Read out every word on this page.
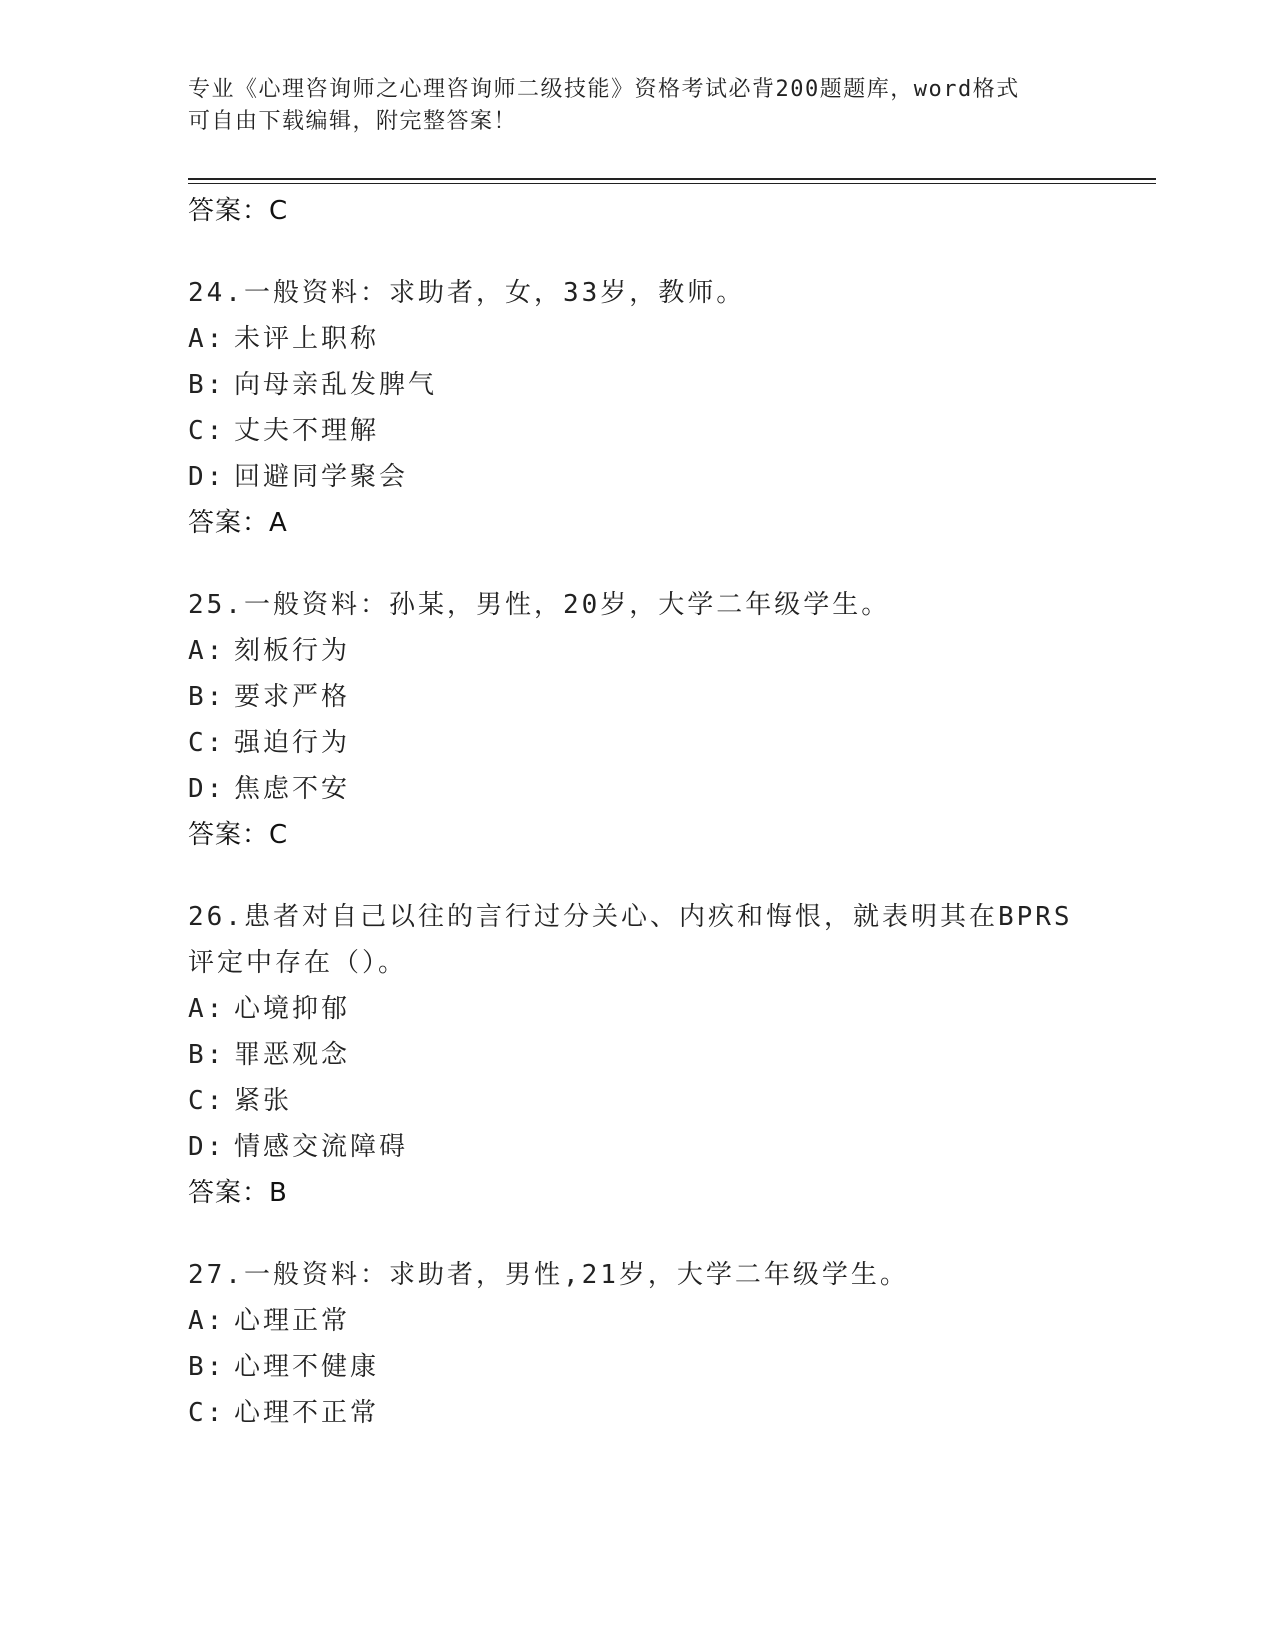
专业《心理咨询师之心理咨询师二级技能》资格考试必背200题题库，word格式
可自由下载编辑，附完整答案！
答案：C
24.一般资料：求助者，女，33岁，教师。
A: 未评上职称
B: 向母亲乱发脾气
C: 丈夫不理解
D: 回避同学聚会
答案：A
25.一般资料：孙某，男性，20岁，大学二年级学生。
A: 刻板行为
B: 要求严格
C: 强迫行为
D: 焦虑不安
答案：C
26.患者对自己以往的言行过分关心、内疚和悔恨，就表明其在BPRS
评定中存在（）。
A: 心境抑郁
B: 罪恶观念
C: 紧张
D: 情感交流障碍
答案：B
27.一般资料：求助者，男性,21岁，大学二年级学生。
A: 心理正常
B: 心理不健康
C: 心理不正常
